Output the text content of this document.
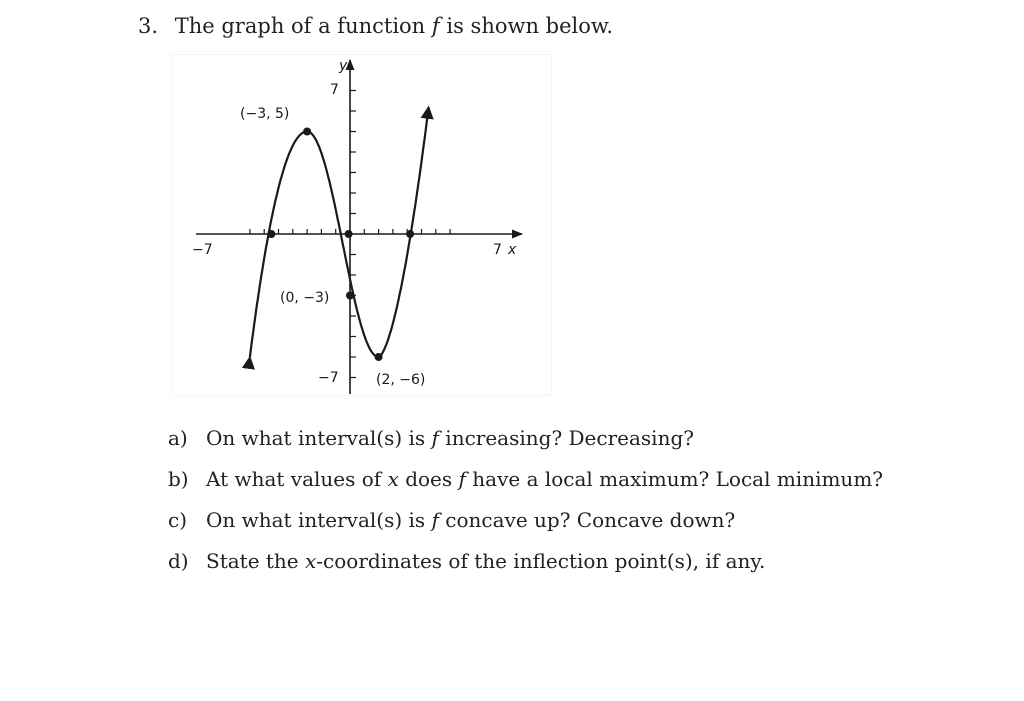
3. The graph of a function f is shown below.
y
x
7
−7
−7	7
(−3, 5)
(0, −3)
(2, −6)
a) On what interval(s) is f increasing? Decreasing?
b) At what values of x does f have a local maximum? Local minimum?
c) On what interval(s) is f concave up? Concave down?
d) State the x-coordinates of the inflection point(s), if any.
